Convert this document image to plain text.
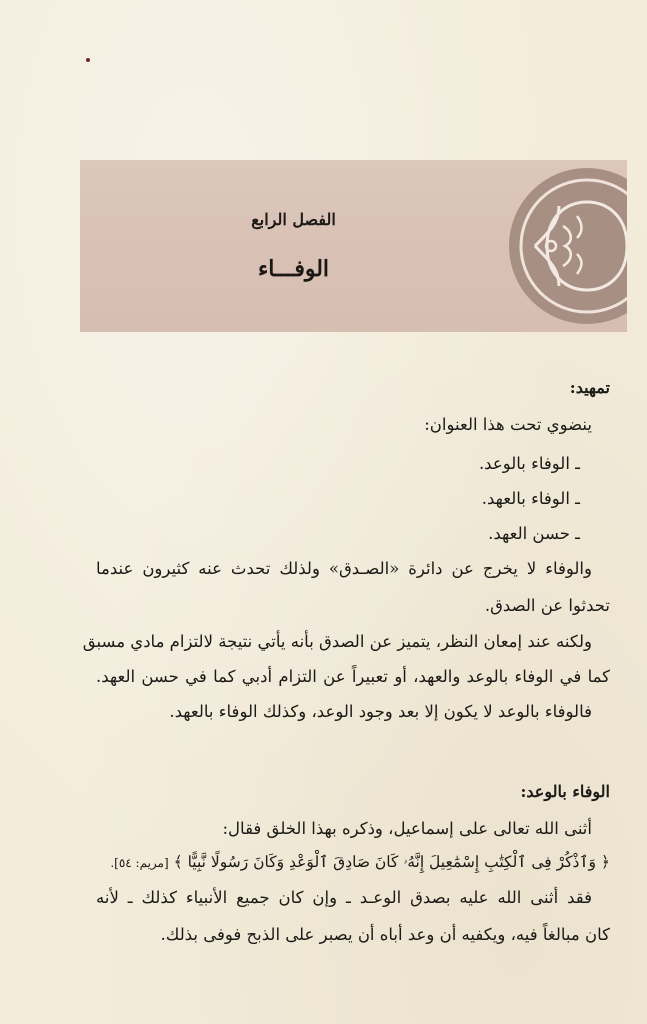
الفصل الرابع
الوفـــاء
تمهيد:
ينضوي تحت هذا العنوان:
ـ الوفاء بالوعد.
ـ الوفاء بالعهد.
ـ حسن العهد.
والوفاء لا يخرج عن دائرة «الصـدق» ولذلك تحدث عنه كثيرون عندما
تحدثوا عن الصدق.
ولكنه عند إمعان النظر، يتميز عن الصدق بأنه يأتي نتيجة لالتزام مادي مسبق
كما في الوفاء بالوعد والعهد، أو تعبيراً عن التزام أدبي كما في حسن العهد.
فالوفاء بالوعد لا يكون إلا بعد وجود الوعد، وكذلك الوفاء بالعهد.
الوفاء بالوعد:
أثنى الله تعالى على إسماعيل، وذكره بهذا الخلق فقال:
﴿ وَٱذْكُرْ فِى ٱلْكِتَٰبِ إِسْمَٰعِيلَ إِنَّهُۥ كَانَ صَادِقَ ٱلْوَعْدِ وَكَانَ رَسُولًا نَّبِيًّا ﴾ [مريم: ٥٤].
فقد أثنى الله عليه بصدق الوعـد ـ وإن كان جميع الأنبياء كذلك ـ لأنه
كان مبالغاً فيه، ويكفيه أن وعد أباه أن يصبر على الذبح فوفى بذلك.
